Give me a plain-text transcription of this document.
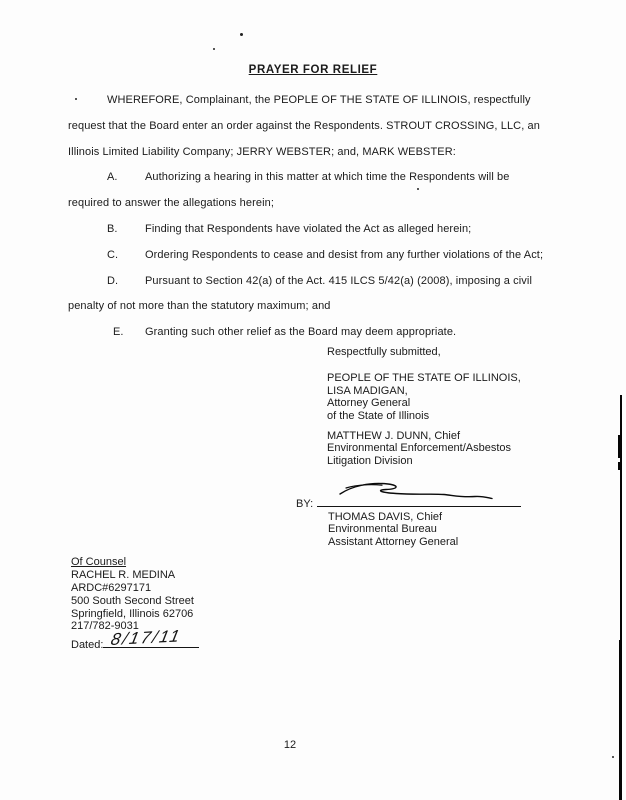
PRAYER FOR RELIEF
WHEREFORE, Complainant, the PEOPLE OF THE STATE OF ILLINOIS, respectfully
request that the Board enter an order against the Respondents. STROUT CROSSING, LLC, an
Illinois Limited Liability Company; JERRY WEBSTER; and, MARK WEBSTER:
A. Authorizing a hearing in this matter at which time the Respondents will be
required to answer the allegations herein;
B. Finding that Respondents have violated the Act as alleged herein;
C. Ordering Respondents to cease and desist from any further violations of the Act;
D. Pursuant to Section 42(a) of the Act. 415 ILCS 5/42(a) (2008), imposing a civil
penalty of not more than the statutory maximum; and
E. Granting such other relief as the Board may deem appropriate.
Respectfully submitted,
PEOPLE OF THE STATE OF ILLINOIS,
LISA MADIGAN,
Attorney General
of the State of Illinois
MATTHEW J. DUNN, Chief
Environmental Enforcement/Asbestos
Litigation Division
BY:
THOMAS DAVIS, Chief
Environmental Bureau
Assistant Attorney General
Of Counsel
RACHEL R. MEDINA
ARDC#6297171
500 South Second Street
Springfield, Illinois 62706
217/782-9031
Dated: 8/17/11
12
